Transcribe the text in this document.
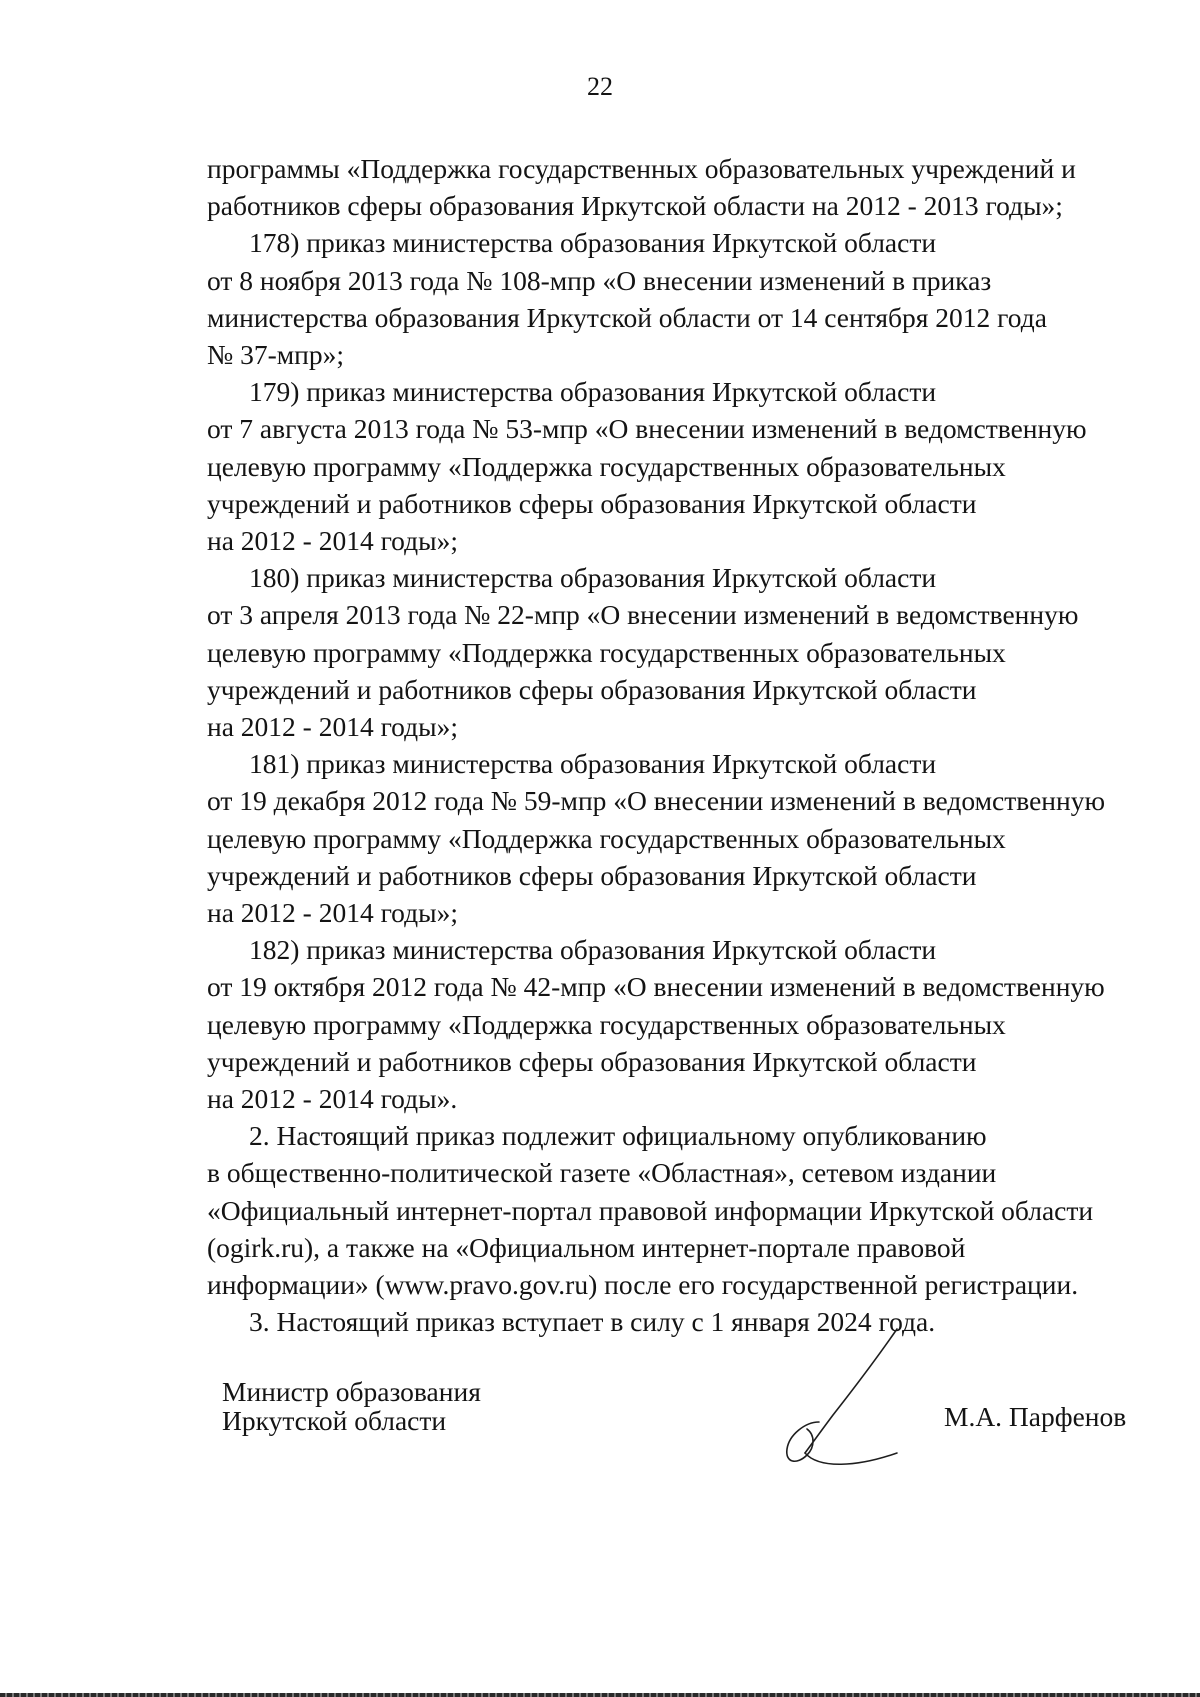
22

программы «Поддержка государственных образовательных учреждений и
работников сферы образования Иркутской области на 2012 - 2013 годы»;

178) приказ министерства образования Иркутской области
от 8 ноября 2013 года № 108-мпр «О внесении изменений в приказ
министерства образования Иркутской области от 14 сентября 2012 года
№ 37-мпр»;

179) приказ министерства образования Иркутской области
от 7 августа 2013 года № 53-мпр «О внесении изменений в ведомственную
целевую программу «Поддержка государственных образовательных
учреждений и работников сферы образования Иркутской области
на 2012 - 2014 годы»;

180) приказ министерства образования Иркутской области
от 3 апреля 2013 года № 22-мпр «О внесении изменений в ведомственную
целевую программу «Поддержка государственных образовательных
учреждений и работников сферы образования Иркутской области
на 2012 - 2014 годы»;

181) приказ министерства образования Иркутской области
от 19 декабря 2012 года № 59-мпр «О внесении изменений в ведомственную
целевую программу «Поддержка государственных образовательных
учреждений и работников сферы образования Иркутской области
на 2012 - 2014 годы»;

182) приказ министерства образования Иркутской области
от 19 октября 2012 года № 42-мпр «О внесении изменений в ведомственную
целевую программу «Поддержка государственных образовательных
учреждений и работников сферы образования Иркутской области
на 2012 - 2014 годы».

2. Настоящий приказ подлежит официальному опубликованию
в общественно-политической газете «Областная», сетевом издании
«Официальный интернет-портал правовой информации Иркутской области
(ogirk.ru), а также на «Официальном интернет-портале правовой
информации» (www.pravo.gov.ru) после его государственной регистрации.

3. Настоящий приказ вступает в силу с 1 января 2024 года.

Министр образования
Иркутской области	М.А. Парфенов
